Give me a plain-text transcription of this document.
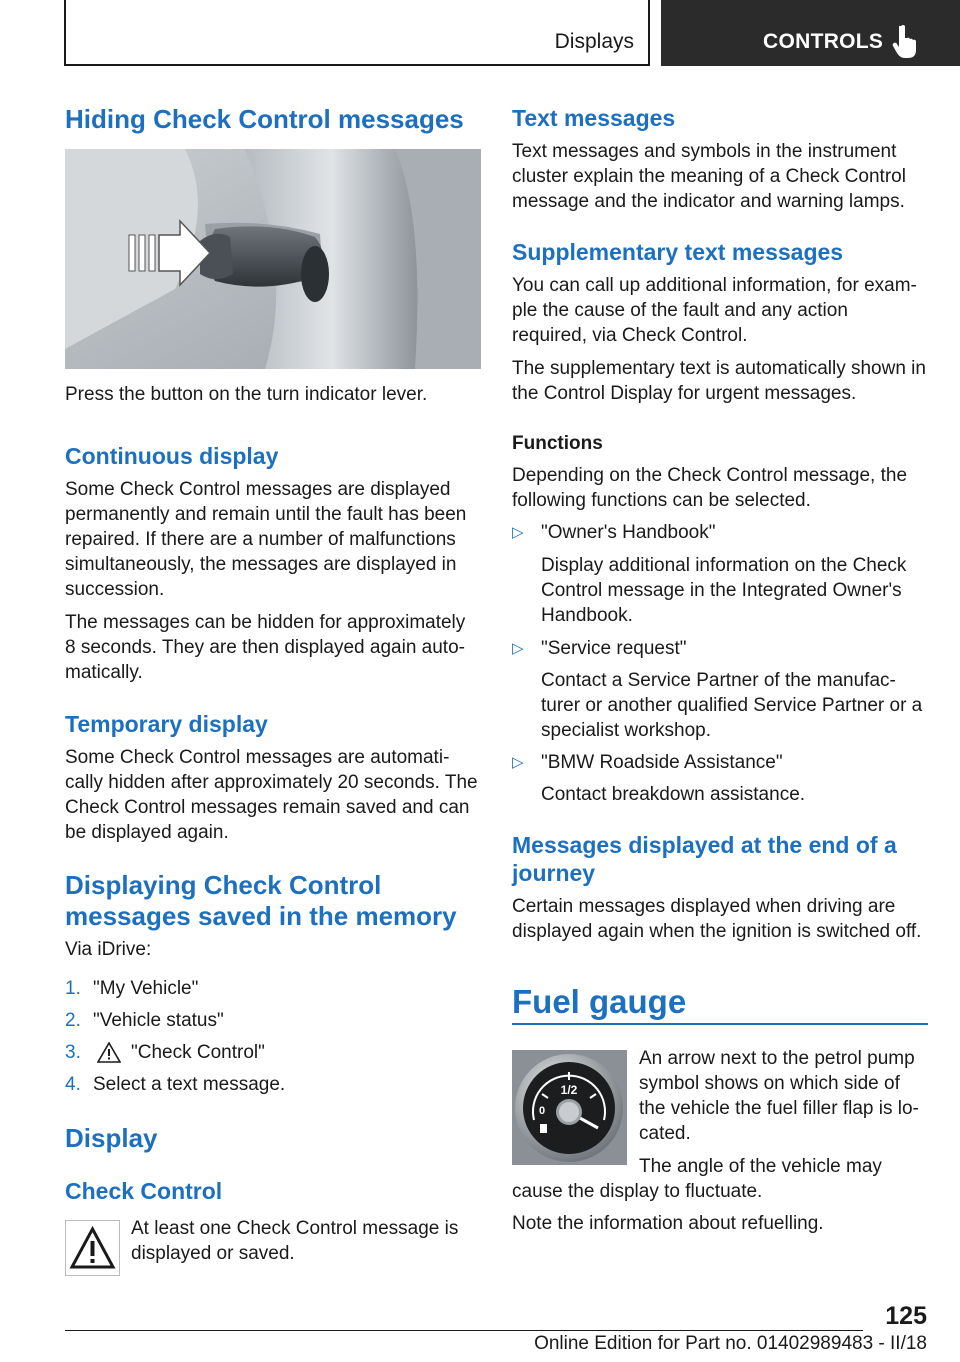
Displays	CONTROLS
Hiding Check Control messages
Press the button on the turn indicator lever.
Continuous display
Some Check Control messages are displayed permanently and remain until the fault has been repaired. If there are a number of malfunctions simultaneously, the messages are displayed in succession.
The messages can be hidden for approximately 8 seconds. They are then displayed again automatically.
Temporary display
Some Check Control messages are automatically hidden after approximately 20 seconds. The Check Control messages remain saved and can be displayed again.
Displaying Check Control messages saved in the memory
Via iDrive:
1. "My Vehicle"
2. "Vehicle status"
3.	"Check Control"
4. Select a text message.
Display
Check Control
At least one Check Control message is displayed or saved.
Text messages
Text messages and symbols in the instrument cluster explain the meaning of a Check Control message and the indicator and warning lamps.
Supplementary text messages
You can call up additional information, for example the cause of the fault and any action required, via Check Control.
The supplementary text is automatically shown in the Control Display for urgent messages.
Functions
Depending on the Check Control message, the following functions can be selected.
▷ "Owner's Handbook"
Display additional information on the Check Control message in the Integrated Owner's Handbook.
▷ "Service request"
Contact a Service Partner of the manufacturer or another qualified Service Partner or a specialist workshop.
▷ "BMW Roadside Assistance"
Contact breakdown assistance.
Messages displayed at the end of a journey
Certain messages displayed when driving are displayed again when the ignition is switched off.
Fuel gauge
1/2
0
An arrow next to the petrol pump symbol shows on which side of the vehicle the fuel filler flap is located.
The angle of the vehicle may
Note the information about refuelling.
cause the display to fluctuate.
125
Online Edition for Part no. 01402989483 - II/18
